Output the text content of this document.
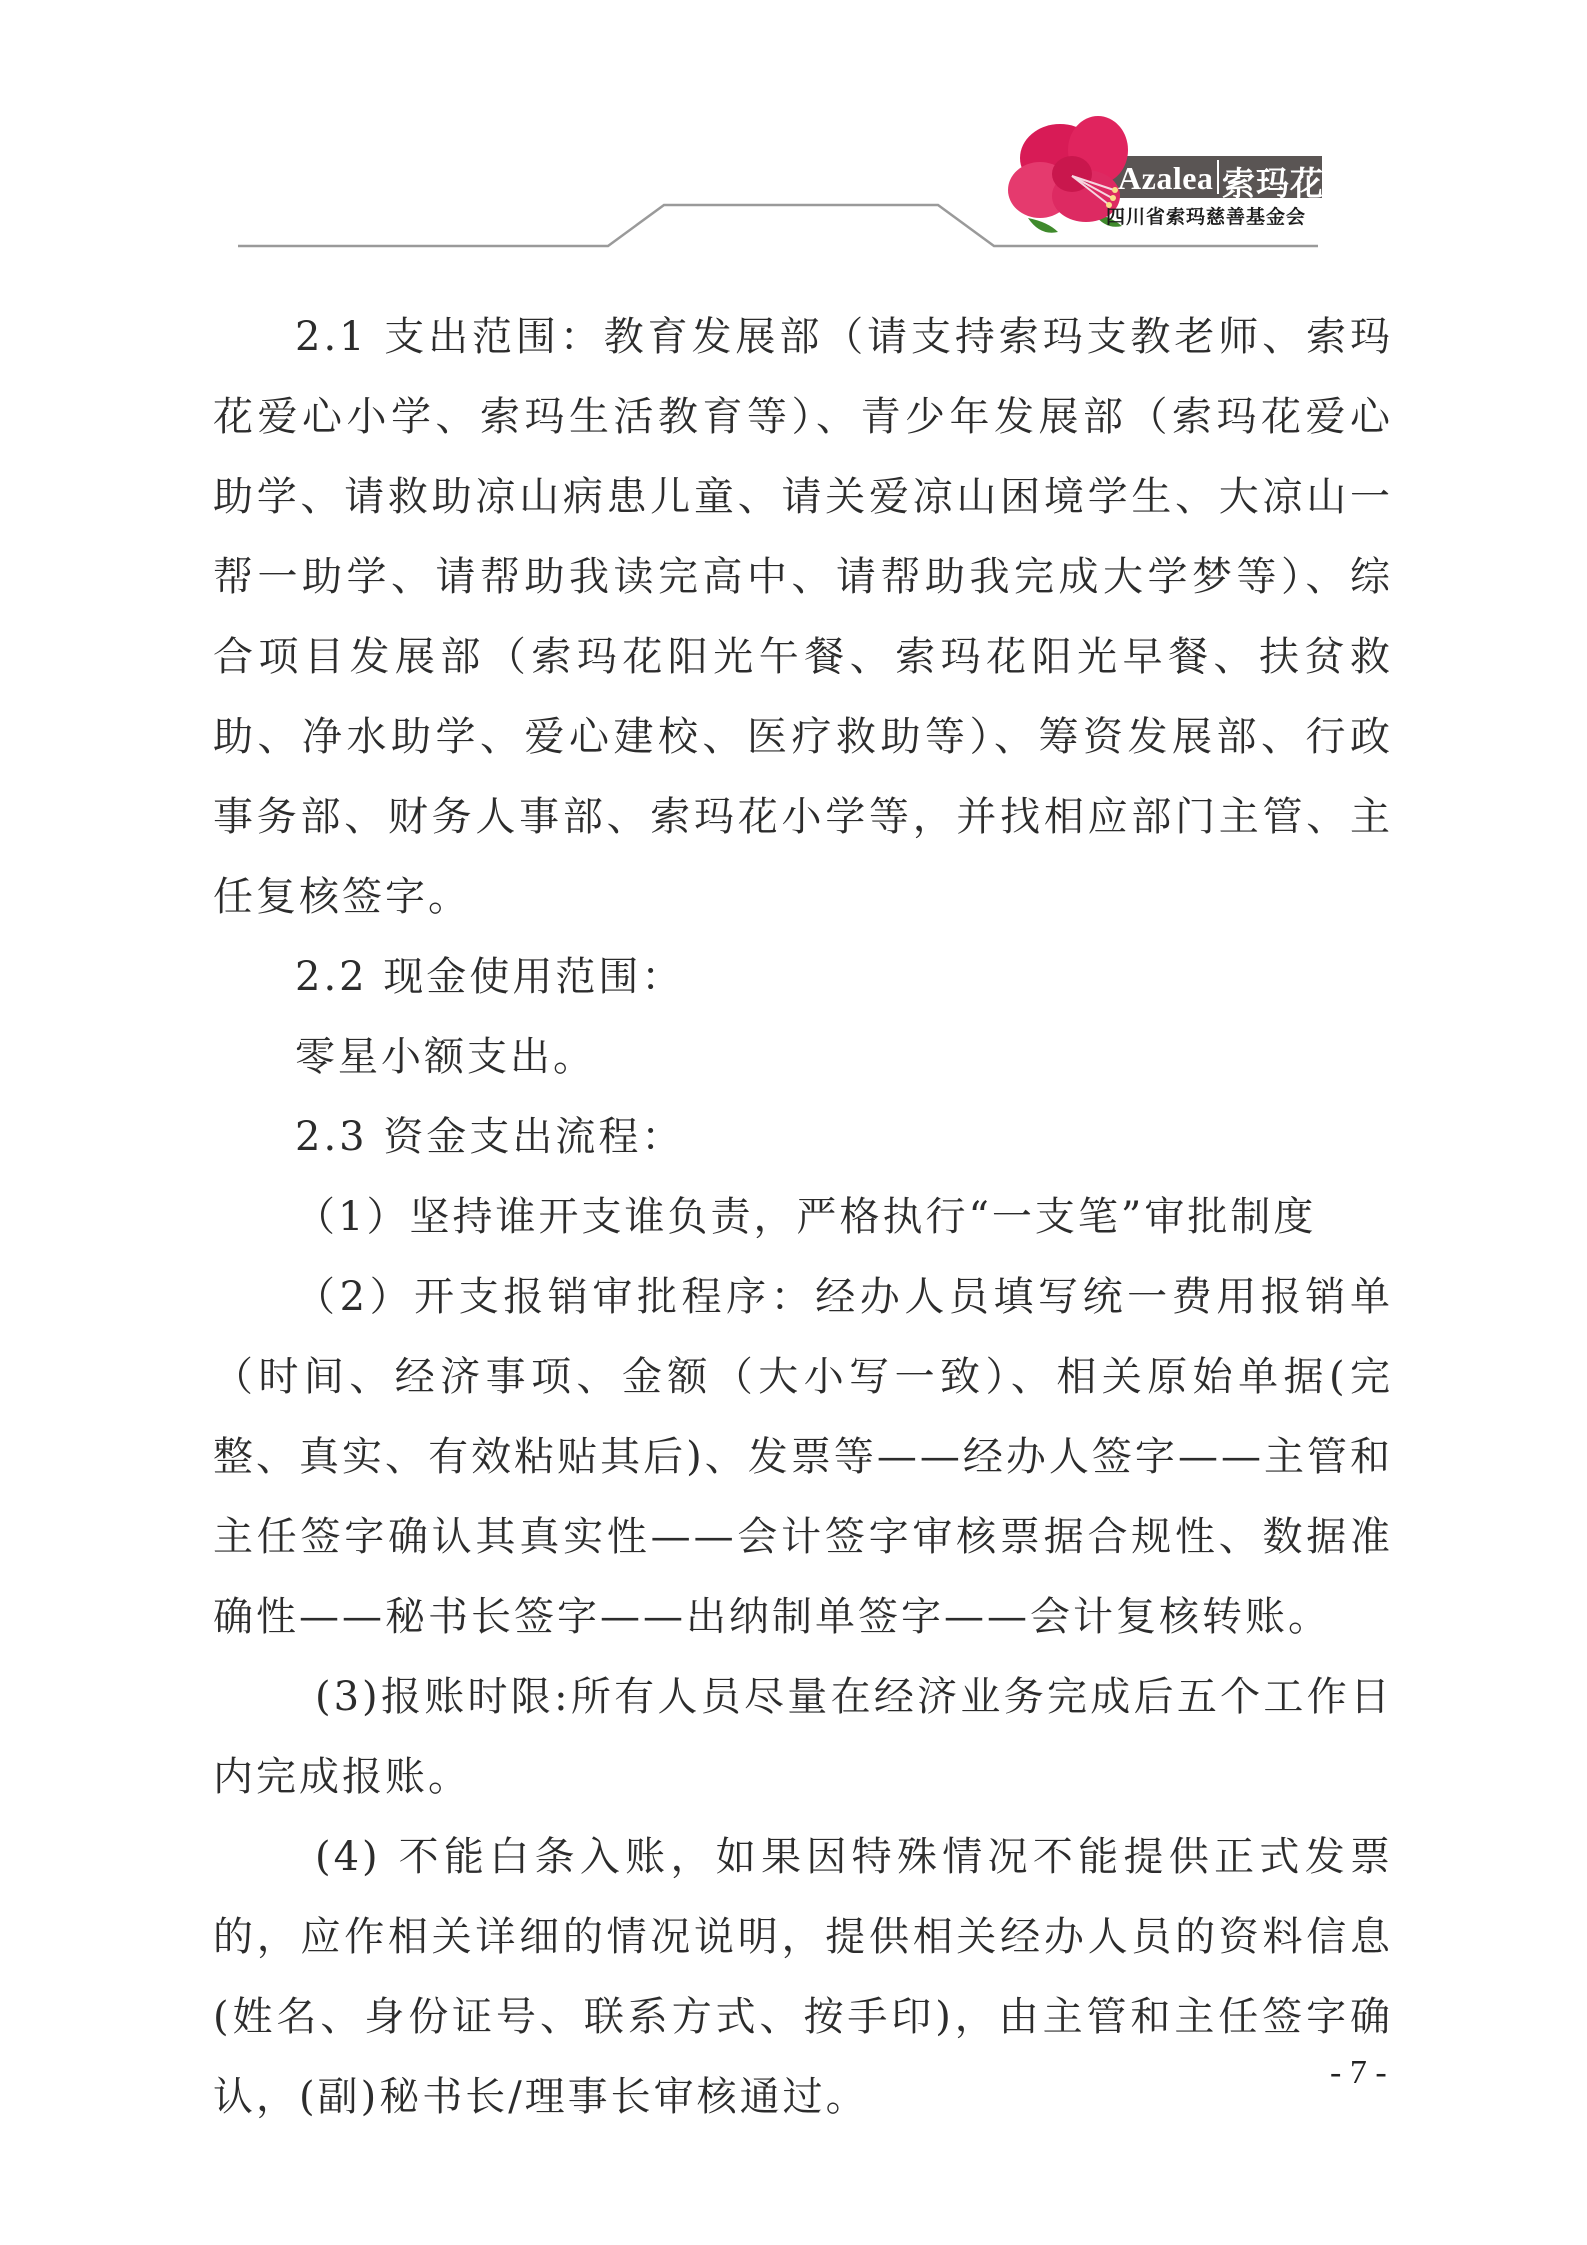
Azalea 索玛花
四川省索玛慈善基金会

2.1 支出范围：教育发展部（请支持索玛支教老师、索玛花爱心小学、索玛生活教育等）、青少年发展部（索玛花爱心助学、请救助凉山病患儿童、请关爱凉山困境学生、大凉山一帮一助学、请帮助我读完高中、请帮助我完成大学梦等）、综合项目发展部（索玛花阳光午餐、索玛花阳光早餐、扶贫救助、净水助学、爱心建校、医疗救助等）、筹资发展部、行政事务部、财务人事部、索玛花小学等，并找相应部门主管、主任复核签字。

2.2 现金使用范围：

零星小额支出。

2.3 资金支出流程：

（1）坚持谁开支谁负责，严格执行“一支笔”审批制度

（2）开支报销审批程序：经办人员填写统一费用报销单（时间、经济事项、金额（大小写一致）、相关原始单据(完整、真实、有效粘贴其后)、发票等——经办人签字——主管和主任签字确认其真实性——会计签字审核票据合规性、数据准确性——秘书长签字——出纳制单签字——会计复核转账。

(3)报账时限:所有人员尽量在经济业务完成后五个工作日内完成报账。

(4) 不能白条入账，如果因特殊情况不能提供正式发票的，应作相关详细的情况说明，提供相关经办人员的资料信息(姓名、身份证号、联系方式、按手印)，由主管和主任签字确认，(副)秘书长/理事长审核通过。

- 7 -
